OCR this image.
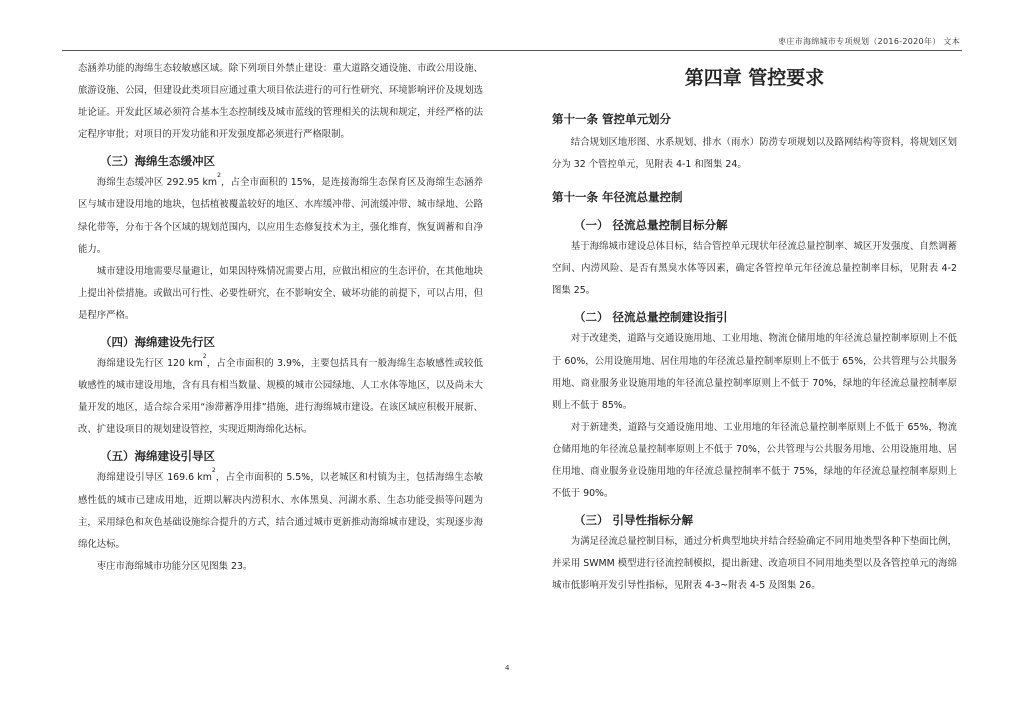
枣庄市海绵城市专项规划（2016-2020年） 文本

态涵养功能的海绵生态较敏感区域。除下列项目外禁止建设：重大道路交通设施、市政公用设施、旅游设施、公园，但建设此类项目应通过重大项目依法进行的可行性研究、环境影响评价及规划选址论证。开发此区域必须符合基本生态控制线及城市蓝线的管理相关的法规和规定，并经严格的法定程序审批；对项目的开发功能和开发强度都必须进行严格限制。

（三）海绵生态缓冲区

海绵生态缓冲区 292.95 $km^2$，占全市面积的 15%，是连接海绵生态保育区及海绵生态涵养区与城市建设用地的地块，包括植被覆盖较好的地区、水库缓冲带、河流缓冲带、城市绿地、公路绿化带等，分布于各个区域的规划范围内，以应用生态修复技术为主，强化维育，恢复调蓄和自净能力。

城市建设用地需要尽量避让，如果因特殊情况需要占用，应做出相应的生态评价，在其他地块上提出补偿措施。或做出可行性、必要性研究，在不影响安全、破坏功能的前提下，可以占用，但是程序严格。

（四）海绵建设先行区

海绵建设先行区 120 $km^2$，占全市面积的 3.9%，主要包括具有一般海绵生态敏感性或较低敏感性的城市建设用地，含有具有相当数量、规模的城市公园绿地、人工水体等地区，以及尚未大量开发的地区，适合综合采用“渗滞蓄净用排”措施，进行海绵城市建设。在该区域应积极开展新、改、扩建设项目的规划建设管控，实现近期海绵化达标。

（五）海绵建设引导区

海绵建设引导区 169.6 $km^2$，占全市面积的 5.5%，以老城区和村镇为主，包括海绵生态敏感性低的城市已建成用地，近期以解决内涝积水、水体黑臭、河湖水系、生态功能受损等问题为主，采用绿色和灰色基础设施综合提升的方式，结合通过城市更新推动海绵城市建设，实现逐步海绵化达标。

枣庄市海绵城市功能分区见图集 23。

第四章 管控要求
第十一条 管控单元划分

结合规划区地形图、水系规划、排水（雨水）防涝专项规划以及路网结构等资料，将规划区划分为 32 个管控单元，见附表 4-1 和图集 24。

第十一条 年径流总量控制
（一） 径流总量控制目标分解

基于海绵城市建设总体目标，结合管控单元现状年径流总量控制率、城区开发强度、自然调蓄空间、内涝风险、是否有黑臭水体等因素，确定各管控单元年径流总量控制率目标，见附表 4-2 图集 25。

（二） 径流总量控制建设指引

对于改建类，道路与交通设施用地、工业用地、物流仓储用地的年径流总量控制率原则上不低于 60%，公用设施用地、居住用地的年径流总量控制率原则上不低于 65%，公共管理与公共服务用地、商业服务业设施用地的年径流总量控制率原则上不低于 70%，绿地的年径流总量控制率原则上不低于 85%。

对于新建类，道路与交通设施用地、工业用地的年径流总量控制率原则上不低于 65%，物流仓储用地的年径流总量控制率原则上不低于 70%，公共管理与公共服务用地、公用设施用地、居住用地、商业服务业设施用地的年径流总量控制率不低于 75%，绿地的年径流总量控制率原则上不低于 90%。

（三） 引导性指标分解

为满足径流总量控制目标，通过分析典型地块并结合经验确定不同用地类型各种下垫面比例，并采用 SWMM 模型进行径流控制模拟，提出新建、改造项目不同用地类型以及各管控单元的海绵城市低影响开发引导性指标，见附表 4-3~附表 4-5 及图集 26。

4
